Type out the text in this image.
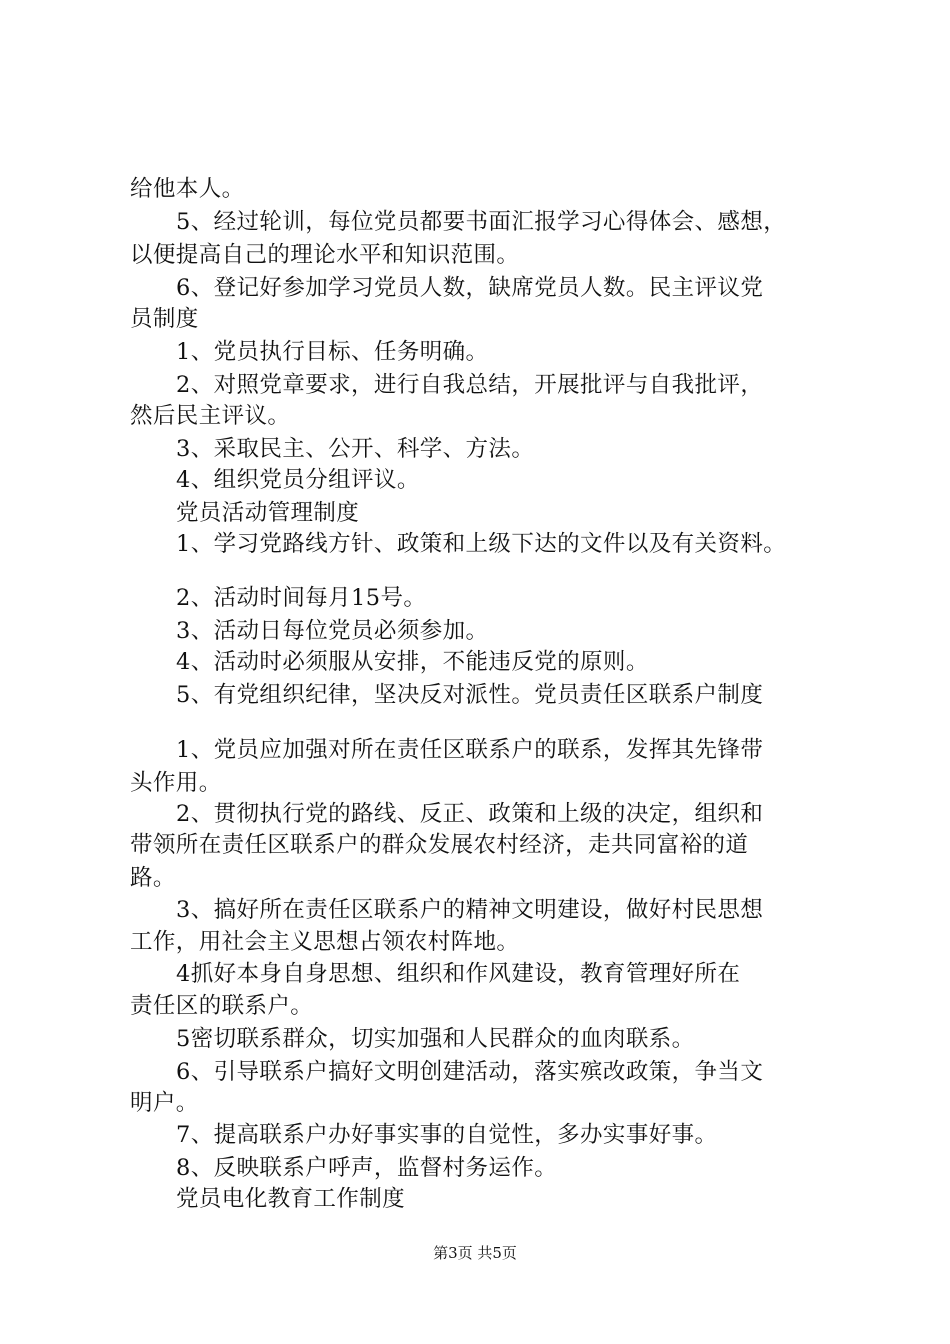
给他本人。
5、经过轮训，每位党员都要书面汇报学习心得体会、感想，
以便提高自己的理论水平和知识范围。
6、登记好参加学习党员人数，缺席党员人数。民主评议党
员制度
1、党员执行目标、任务明确。
2、对照党章要求，进行自我总结，开展批评与自我批评，
然后民主评议。
3、采取民主、公开、科学、方法。
4、组织党员分组评议。
党员活动管理制度
1、学习党路线方针、政策和上级下达的文件以及有关资料。
2、活动时间每月15号。
3、活动日每位党员必须参加。
4、活动时必须服从安排，不能违反党的原则。
5、有党组织纪律，坚决反对派性。党员责任区联系户制度
1、党员应加强对所在责任区联系户的联系，发挥其先锋带
头作用。
2、贯彻执行党的路线、反正、政策和上级的决定，组织和
带领所在责任区联系户的群众发展农村经济，走共同富裕的道
路。
3、搞好所在责任区联系户的精神文明建设，做好村民思想
工作，用社会主义思想占领农村阵地。
4抓好本身自身思想、组织和作风建设，教育管理好所在
责任区的联系户。
5密切联系群众，切实加强和人民群众的血肉联系。
6、引导联系户搞好文明创建活动，落实殡改政策，争当文
明户。
7、提高联系户办好事实事的自觉性，多办实事好事。
8、反映联系户呼声，监督村务运作。
党员电化教育工作制度
第3页 共5页
